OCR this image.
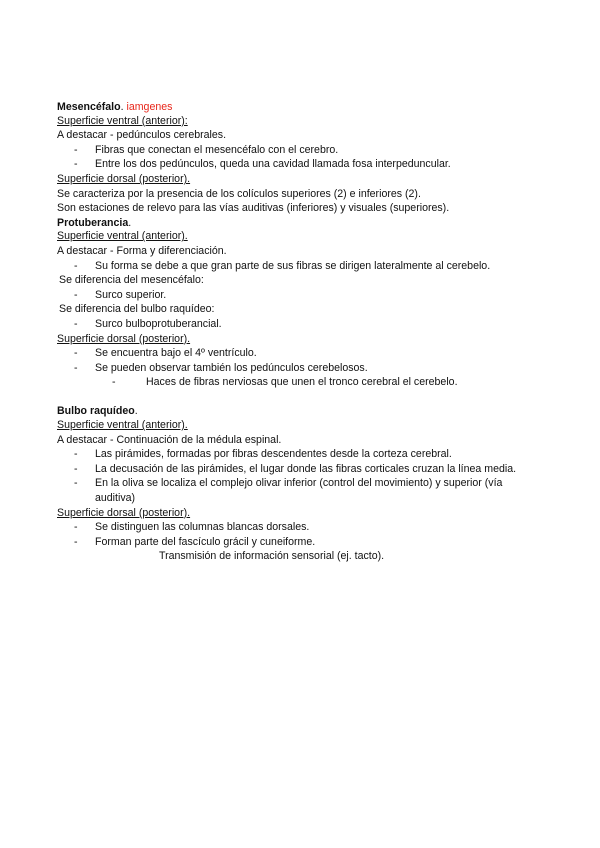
Mesencéfalo. iamgenes
Superficie ventral (anterior):
A destacar - pedúnculos cerebrales.
- Fibras que conectan el mesencéfalo con el cerebro.
- Entre los dos pedúnculos, queda una cavidad llamada fosa interpeduncular.
Superficie dorsal (posterior).
Se caracteriza por la presencia de los colículos superiores (2) e inferiores (2).
Son estaciones de relevo para las vías auditivas (inferiores) y visuales (superiores).
Protuberancia.
Superficie ventral (anterior).
A destacar - Forma y diferenciación.
- Su forma se debe a que gran parte de sus fibras se dirigen lateralmente al cerebelo.
Se diferencia del mesencéfalo:
- Surco superior.
Se diferencia del bulbo raquídeo:
- Surco bulboprotuberancial.
Superficie dorsal (posterior).
- Se encuentra bajo el 4º ventrículo.
- Se pueden observar también los pedúnculos cerebelosos.
-	Haces de fibras nerviosas que unen el tronco cerebral el cerebelo.
Bulbo raquídeo.
Superficie ventral (anterior).
A destacar - Continuación de la médula espinal.
- Las pirámides, formadas por fibras descendentes desde la corteza cerebral.
- La decusación de las pirámides, el lugar donde las fibras corticales cruzan la línea media.
- En la oliva se localiza el complejo olivar inferior (control del movimiento) y superior (vía auditiva)
Superficie dorsal (posterior).
- Se distinguen las columnas blancas dorsales.
- Forman parte del fascículo grácil y cuneiforme.
Transmisión de información sensorial (ej. tacto).
